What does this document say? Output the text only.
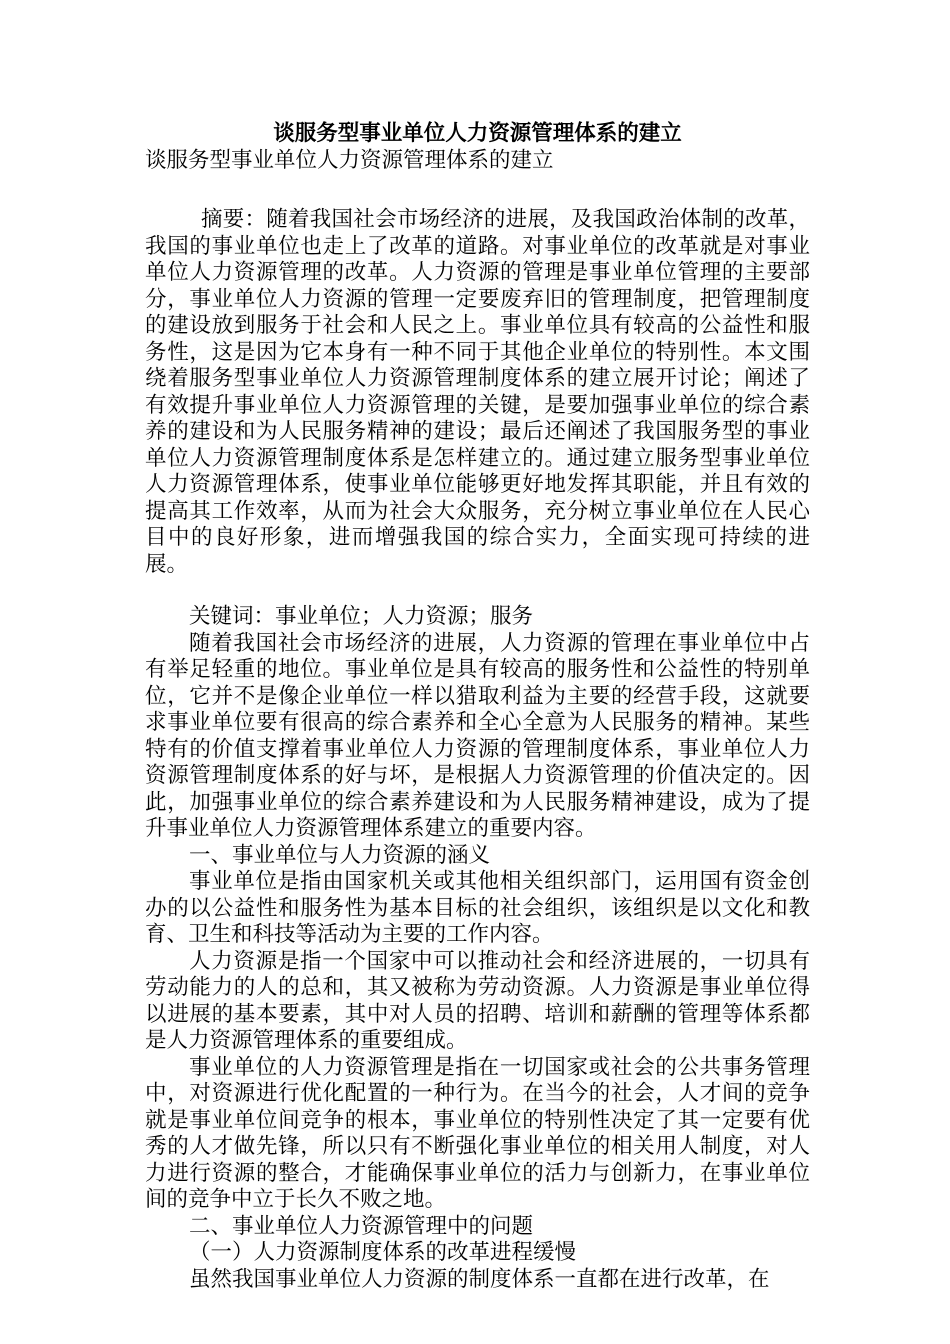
谈服务型事业单位人力资源管理体系的建立
谈服务型事业单位人力资源管理体系的建立

摘要：随着我国社会市场经济的进展，及我国政治体制的改革，我国的事业单位也走上了改革的道路。对事业单位的改革就是对事业单位人力资源管理的改革。人力资源的管理是事业单位管理的主要部分，事业单位人力资源的管理一定要废弃旧的管理制度，把管理制度的建设放到服务于社会和人民之上。事业单位具有较高的公益性和服务性，这是因为它本身有一种不同于其他企业单位的特别性。本文围绕着服务型事业单位人力资源管理制度体系的建立展开讨论；阐述了有效提升事业单位人力资源管理的关键，是要加强事业单位的综合素养的建设和为人民服务精神的建设；最后还阐述了我国服务型的事业单位人力资源管理制度体系是怎样建立的。通过建立服务型事业单位人力资源管理体系，使事业单位能够更好地发挥其职能，并且有效的提高其工作效率，从而为社会大众服务，充分树立事业单位在人民心目中的良好形象，进而增强我国的综合实力，全面实现可持续的进展。

关键词：事业单位；人力资源；服务

随着我国社会市场经济的进展，人力资源的管理在事业单位中占有举足轻重的地位。事业单位是具有较高的服务性和公益性的特别单位，它并不是像企业单位一样以猎取利益为主要的经营手段，这就要求事业单位要有很高的综合素养和全心全意为人民服务的精神。某些特有的价值支撑着事业单位人力资源的管理制度体系，事业单位人力资源管理制度体系的好与坏，是根据人力资源管理的价值决定的。因此，加强事业单位的综合素养建设和为人民服务精神建设，成为了提升事业单位人力资源管理体系建立的重要内容。

一、事业单位与人力资源的涵义

事业单位是指由国家机关或其他相关组织部门，运用国有资金创办的以公益性和服务性为基本目标的社会组织，该组织是以文化和教育、卫生和科技等活动为主要的工作内容。

人力资源是指一个国家中可以推动社会和经济进展的，一切具有劳动能力的人的总和，其又被称为劳动资源。人力资源是事业单位得以进展的基本要素，其中对人员的招聘、培训和薪酬的管理等体系都是人力资源管理体系的重要组成。

事业单位的人力资源管理是指在一切国家或社会的公共事务管理中，对资源进行优化配置的一种行为。在当今的社会，人才间的竞争就是事业单位间竞争的根本，事业单位的特别性决定了其一定要有优秀的人才做先锋，所以只有不断强化事业单位的相关用人制度，对人力进行资源的整合，才能确保事业单位的活力与创新力，在事业单位间的竞争中立于长久不败之地。

二、事业单位人力资源管理中的问题

（一）人力资源制度体系的改革进程缓慢

虽然我国事业单位人力资源的制度体系一直都在进行改革，在
